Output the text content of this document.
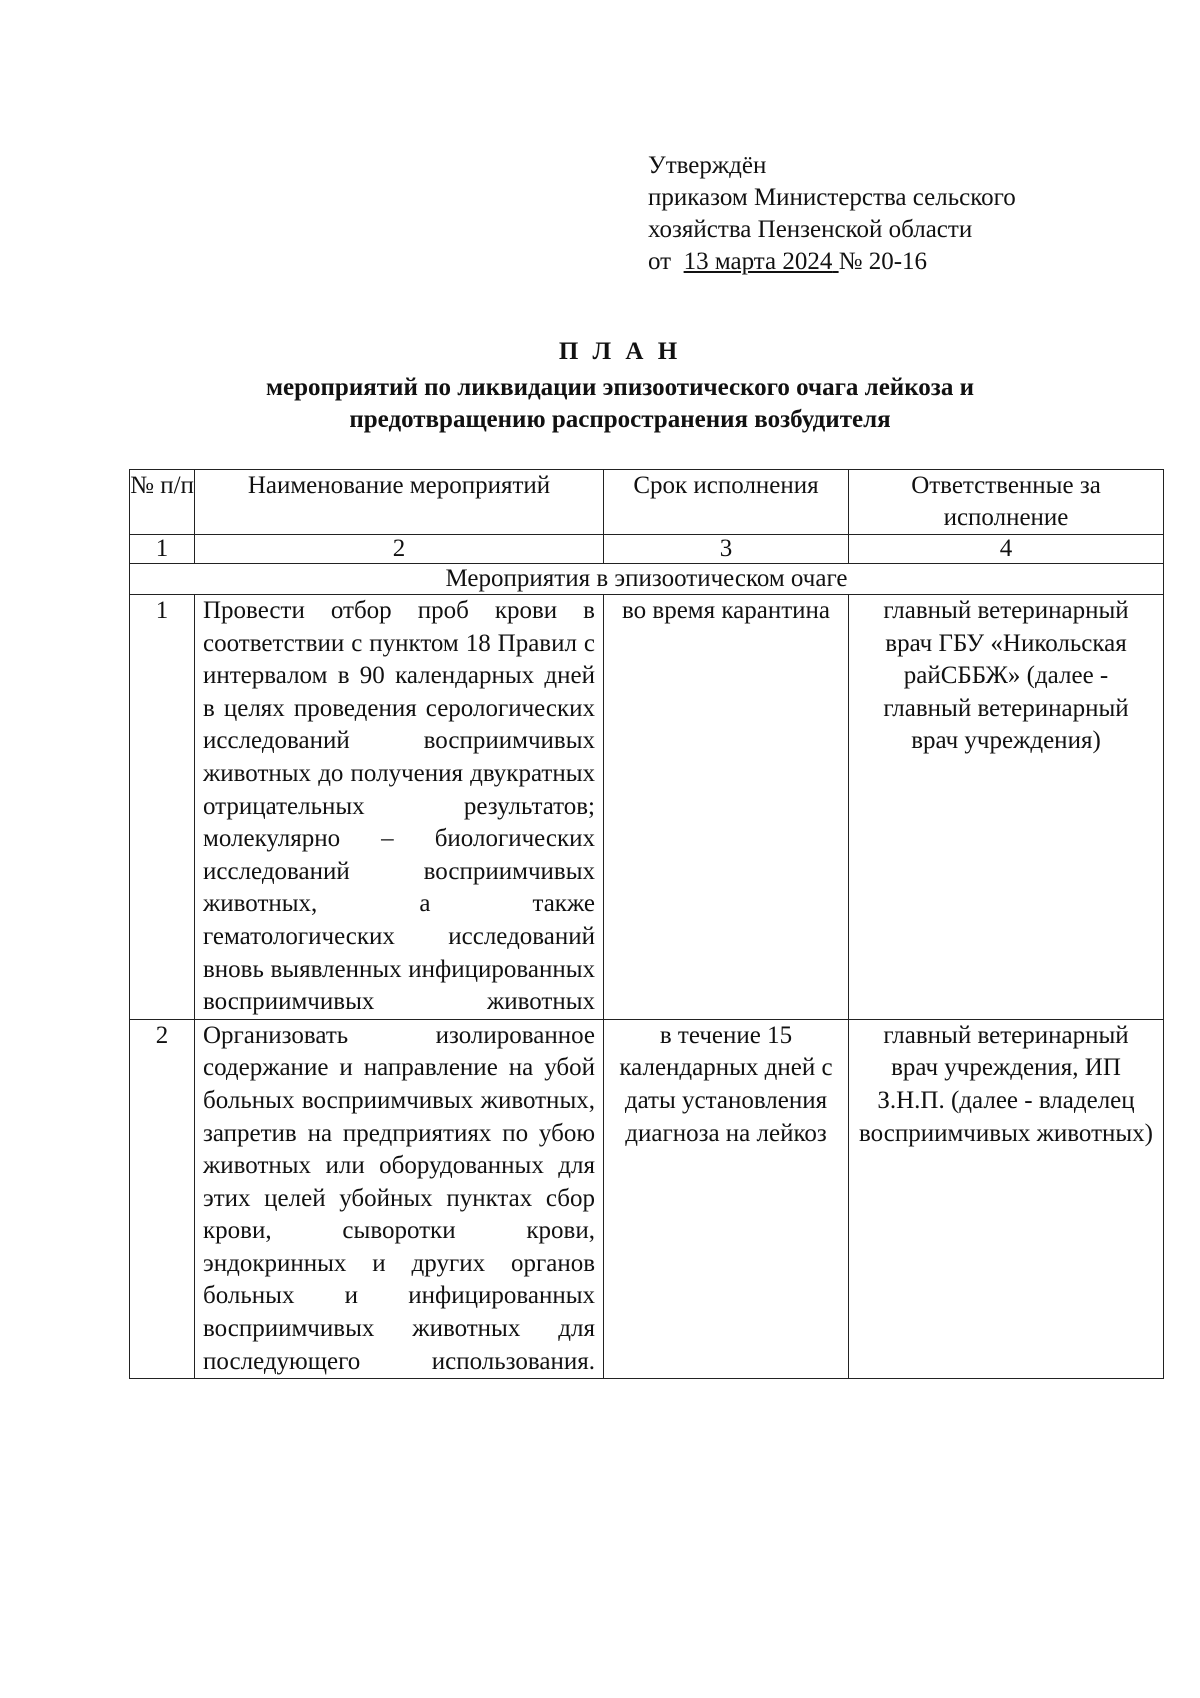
Утверждён
приказом Министерства сельского
хозяйства Пензенской области
от 13 марта 2024 № 20-16
П Л А Н
мероприятий по ликвидации эпизоотического очага лейкоза и
предотвращению распространения возбудителя
№ п/п	Наименование мероприятий	Срок исполнения	Ответственные за исполнение
1	2	3	4
Мероприятия в эпизоотическом очаге			
1	Провести отбор проб крови в соответствии с пунктом 18 Правил с интервалом в 90 календарных дней в целях проведения серологических исследований восприимчивых животных до получения двукратных отрицательных результатов; молекулярно – биологических исследований восприимчивых животных, а также гематологических исследований вновь выявленных инфицированных восприимчивых животных	во время карантина	главный ветеринарный врач ГБУ «Никольская райСББЖ» (далее - главный ветеринарный врач учреждения)
2	Организовать изолированное содержание и направление на убой больных восприимчивых животных, запретив на предприятиях по убою животных или оборудованных для этих целей убойных пунктах сбор крови, сыворотки крови, эндокринных и других органов больных и инфицированных восприимчивых животных для последующего использования.	в течение 15 календарных дней с даты установления диагноза на лейкоз	главный ветеринарный врач учреждения, ИП З.Н.П. (далее - владелец восприимчивых животных)
